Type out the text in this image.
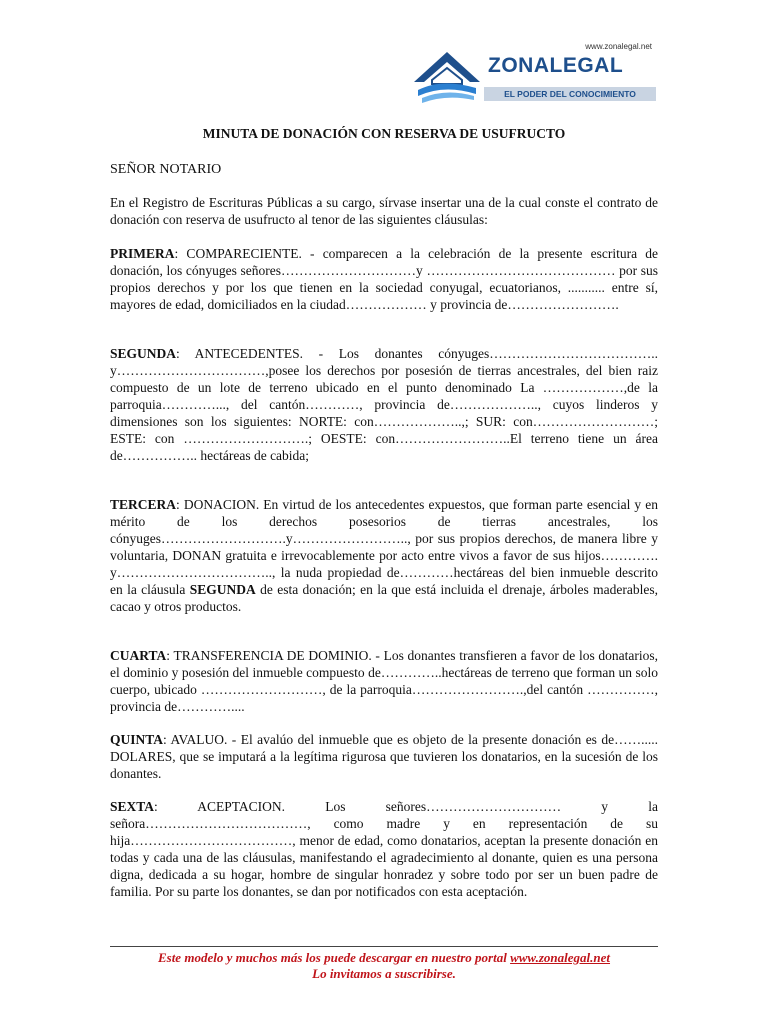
www.zonalegal.net
ZONALEGAL
EL PODER DEL CONOCIMIENTO
MINUTA DE DONACIÓN CON RESERVA DE USUFRUCTO

SEÑOR NOTARIO

En el Registro de Escrituras Públicas a su cargo, sírvase insertar una de la cual conste el contrato de donación con reserva de usufructo al tenor de las siguientes cláusulas:

PRIMERA: COMPARECIENTE. - comparecen a la celebración de la presente escritura de donación, los cónyuges señores…………………………y …………………………………… por sus propios derechos y por los que tienen en la sociedad conyugal, ecuatorianos, ........... entre sí, mayores de edad, domiciliados en la ciudad……………… y provincia de…………………….

SEGUNDA: ANTECEDENTES. - Los donantes cónyuges……………………………….. y……………………………,posee los derechos por posesión de tierras ancestrales, del bien raiz compuesto de un lote de terreno ubicado en el punto denominado La ………………,de la parroquia…………..., del cantón…………, provincia de……………….., cuyos linderos y dimensiones son los siguientes: NORTE: con………………..,; SUR: con………………………; ESTE: con ……………………….; OESTE: con……………………..El terreno tiene un área de…………….. hectáreas de cabida;

TERCERA: DONACION. En virtud de los antecedentes expuestos, que forman parte esencial y en mérito de los derechos posesorios de tierras ancestrales, los cónyuges……………………….y…………………….., por sus propios derechos, de manera libre y voluntaria, DONAN gratuita e irrevocablemente por acto entre vivos a favor de sus hijos…………. y…………………………….., la nuda propiedad de…………hectáreas del bien inmueble descrito en la cláusula SEGUNDA de esta donación; en la que está incluida el drenaje, árboles maderables, cacao y otros productos.

CUARTA: TRANSFERENCIA DE DOMINIO. - Los donantes transfieren a favor de los donatarios, el dominio y posesión del inmueble compuesto de…………..hectáreas de terreno que forman un solo cuerpo, ubicado ………………………, de la parroquia…………………….,del cantón ……………, provincia de…………....

QUINTA: AVALUO. - El avalúo del inmueble que es objeto de la presente donación es de……..... DOLARES, que se imputará a la legítima rigurosa que tuvieren los donatarios, en la sucesión de los donantes.

SEXTA: ACEPTACION. Los señores………………………… y la señora………………………………, como madre y en representación de su hija………………………………, menor de edad, como donatarios, aceptan la presente donación en todas y cada una de las cláusulas, manifestando el agradecimiento al donante, quien es una persona digna, dedicada a su hogar, hombre de singular honradez y sobre todo por ser un buen padre de familia. Por su parte los donantes, se dan por notificados con esta aceptación.

Este modelo y muchos más los puede descargar en nuestro portal www.zonalegal.net
Lo invitamos a suscribirse.
